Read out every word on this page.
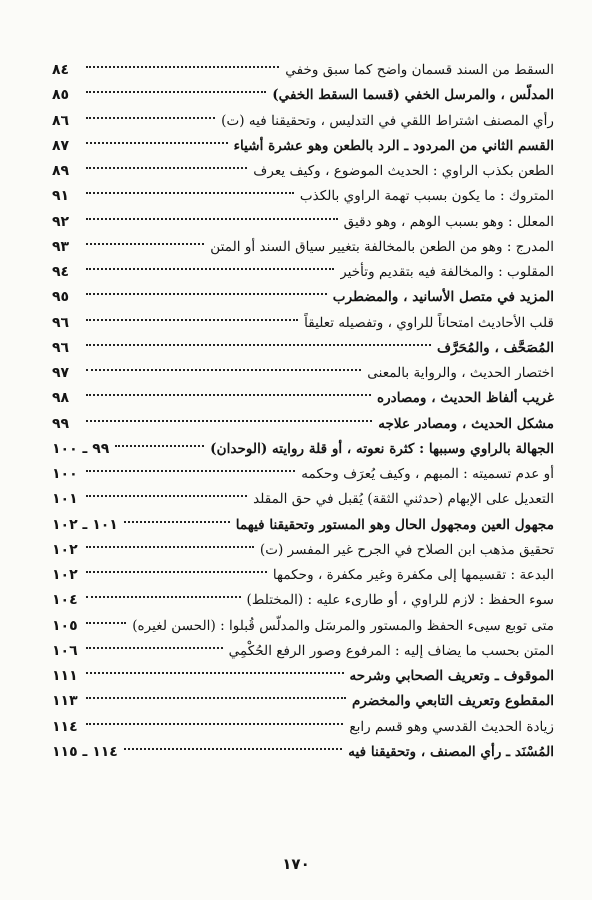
السقط من السند قسمان واضح كما سبق وخفي
٨٤
المدلّس ، والمرسل الخفي (قسما السقط الخفي)
٨٥
رأي المصنف اشتراط اللقي في التدليس ، وتحقيقنا فيه (ت)
٨٦
القسم الثاني من المردود ـ الرد بالطعن وهو عشرة أشياء
٨٧
الطعن بكذب الراوي : الحديث الموضوع ، وكيف يعرف
٨٩
المتروك : ما يكون بسبب تهمة الراوي بالكذب
٩١
المعلل : وهو بسبب الوهم ، وهو دقيق
٩٢
المدرج : وهو من الطعن بالمخالفة بتغيير سياق السند أو المتن
٩٣
المقلوب : والمخالفة فيه بتقديم وتأخير
٩٤
المزيد في متصل الأسانيد ، والمضطرب
٩٥
قلب الأحاديث امتحاناً للراوي ، وتفصيله تعليقاً
٩٦
المُصَحَّف ، والمُحَرَّف
٩٦
اختصار الحديث ، والرواية بالمعنى
٩٧
غريب ألفاظ الحديث ، ومصادره
٩٨
مشكل الحديث ، ومصادر علاجه
٩٩
الجهالة بالراوي وسببها : كثرة نعوته ، أو قلة روايته (الوحدان)
٩٩ ـ ١٠٠
أو عدم تسميته : المبهم ، وكيف يُعرَف وحكمه
١٠٠
التعديل على الإبهام (حدثني الثقة) يُقبل في حق المقلد
١٠١
مجهول العين ومجهول الحال وهو المستور وتحقيقنا فيهما
١٠١ ـ ١٠٢
تحقيق مذهب ابن الصلاح في الجرح غير المفسر (ت)
١٠٢
البدعة : تقسيمها إلى مكفرة وغير مكفرة ، وحكمها
١٠٢
سوء الحفظ : لازم للراوي ، أو طارىء عليه : (المختلط)
١٠٤
متى توبع سيىء الحفظ والمستور والمرسَل والمدلّس قُبلوا : (الحسن لغيره)
١٠٥
المتن بحسب ما يضاف إليه : المرفوع وصور الرفع الحُكْمِي
١٠٦
الموقوف ـ وتعريف الصحابي وشرحه
١١١
المقطوع وتعريف التابعي والمخضرم
١١٣
زيادة الحديث القدسي وهو قسم رابع
١١٤
المُسْنَد ـ رأي المصنف ، وتحقيقنا فيه
١١٤ ـ ١١٥
١٧٠
